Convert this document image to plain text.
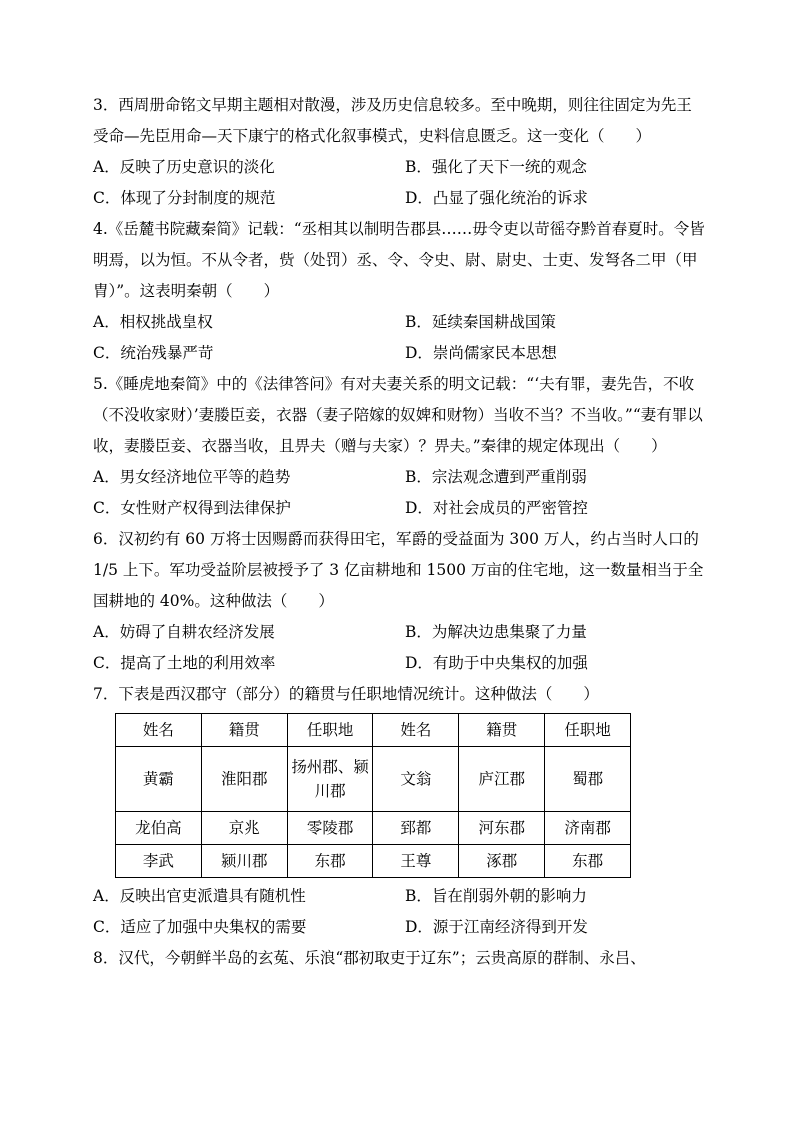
3．西周册命铭文早期主题相对散漫，涉及历史信息较多。至中晚期，则往往固定为先王受命—先臣用命—天下康宁的格式化叙事模式，史料信息匮乏。这一变化（　　）

A．反映了历史意识的淡化	B．强化了天下一统的观念
C．体现了分封制度的规范	D．凸显了强化统治的诉求

4.《岳麓书院藏秦简》记载：“丞相其以制明告郡县……毋令吏以苛徭夺黔首春夏时。令皆明焉，以为恒。不从令者，赀（处罚）丞、令、令史、尉、尉史、士吏、发弩各二甲（甲胄）”。这表明秦朝（　　）

A．相权挑战皇权	B．延续秦国耕战国策
C．统治残暴严苛	D．崇尚儒家民本思想

5.《睡虎地秦简》中的《法律答问》有对夫妻关系的明文记载：“‘夫有罪，妻先告，不收（不没收家财）’妻媵臣妾，衣器（妻子陪嫁的奴婢和财物）当收不当？不当收。”“妻有罪以收，妻媵臣妾、衣器当收，且畀夫（赠与夫家）？畀夫。”秦律的规定体现出（　　）

A．男女经济地位平等的趋势	B．宗法观念遭到严重削弱
C．女性财产权得到法律保护	D．对社会成员的严密管控

6．汉初约有 60 万将士因赐爵而获得田宅，军爵的受益面为 300 万人，约占当时人口的 1/5 上下。军功受益阶层被授予了 3 亿亩耕地和 1500 万亩的住宅地，这一数量相当于全国耕地的 40%。这种做法（　　）

A．妨碍了自耕农经济发展	B．为解决边患集聚了力量
C．提高了土地的利用效率	D．有助于中央集权的加强

7．下表是西汉郡守（部分）的籍贯与任职地情况统计。这种做法（　　）

姓名	籍贯	任职地	姓名	籍贯	任职地
黄霸	淮阳郡	扬州郡、颍川郡	文翁	庐江郡	蜀郡
龙伯高	京兆	零陵郡	郅都	河东郡	济南郡
李武	颍川郡	东郡	王尊	涿郡	东郡
A．反映出官吏派遣具有随机性	B．旨在削弱外朝的影响力
C．适应了加强中央集权的需要	D．源于江南经济得到开发

8．汉代，今朝鲜半岛的玄菟、乐浪“郡初取吏于辽东”；云贵高原的群制、永吕、
